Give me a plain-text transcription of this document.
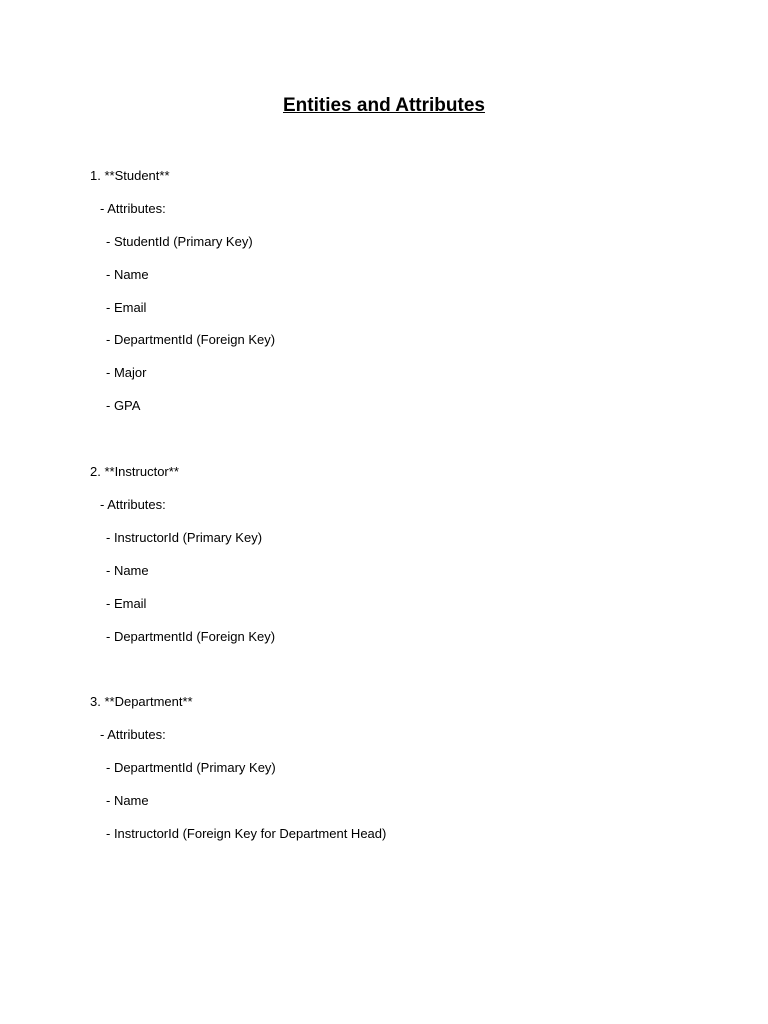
Entities and Attributes
1. **Student**
- Attributes:
- StudentId (Primary Key)
- Name
- Email
- DepartmentId (Foreign Key)
- Major
- GPA
2. **Instructor**
- Attributes:
- InstructorId (Primary Key)
- Name
- Email
- DepartmentId (Foreign Key)
3. **Department**
- Attributes:
- DepartmentId (Primary Key)
- Name
- InstructorId (Foreign Key for Department Head)
